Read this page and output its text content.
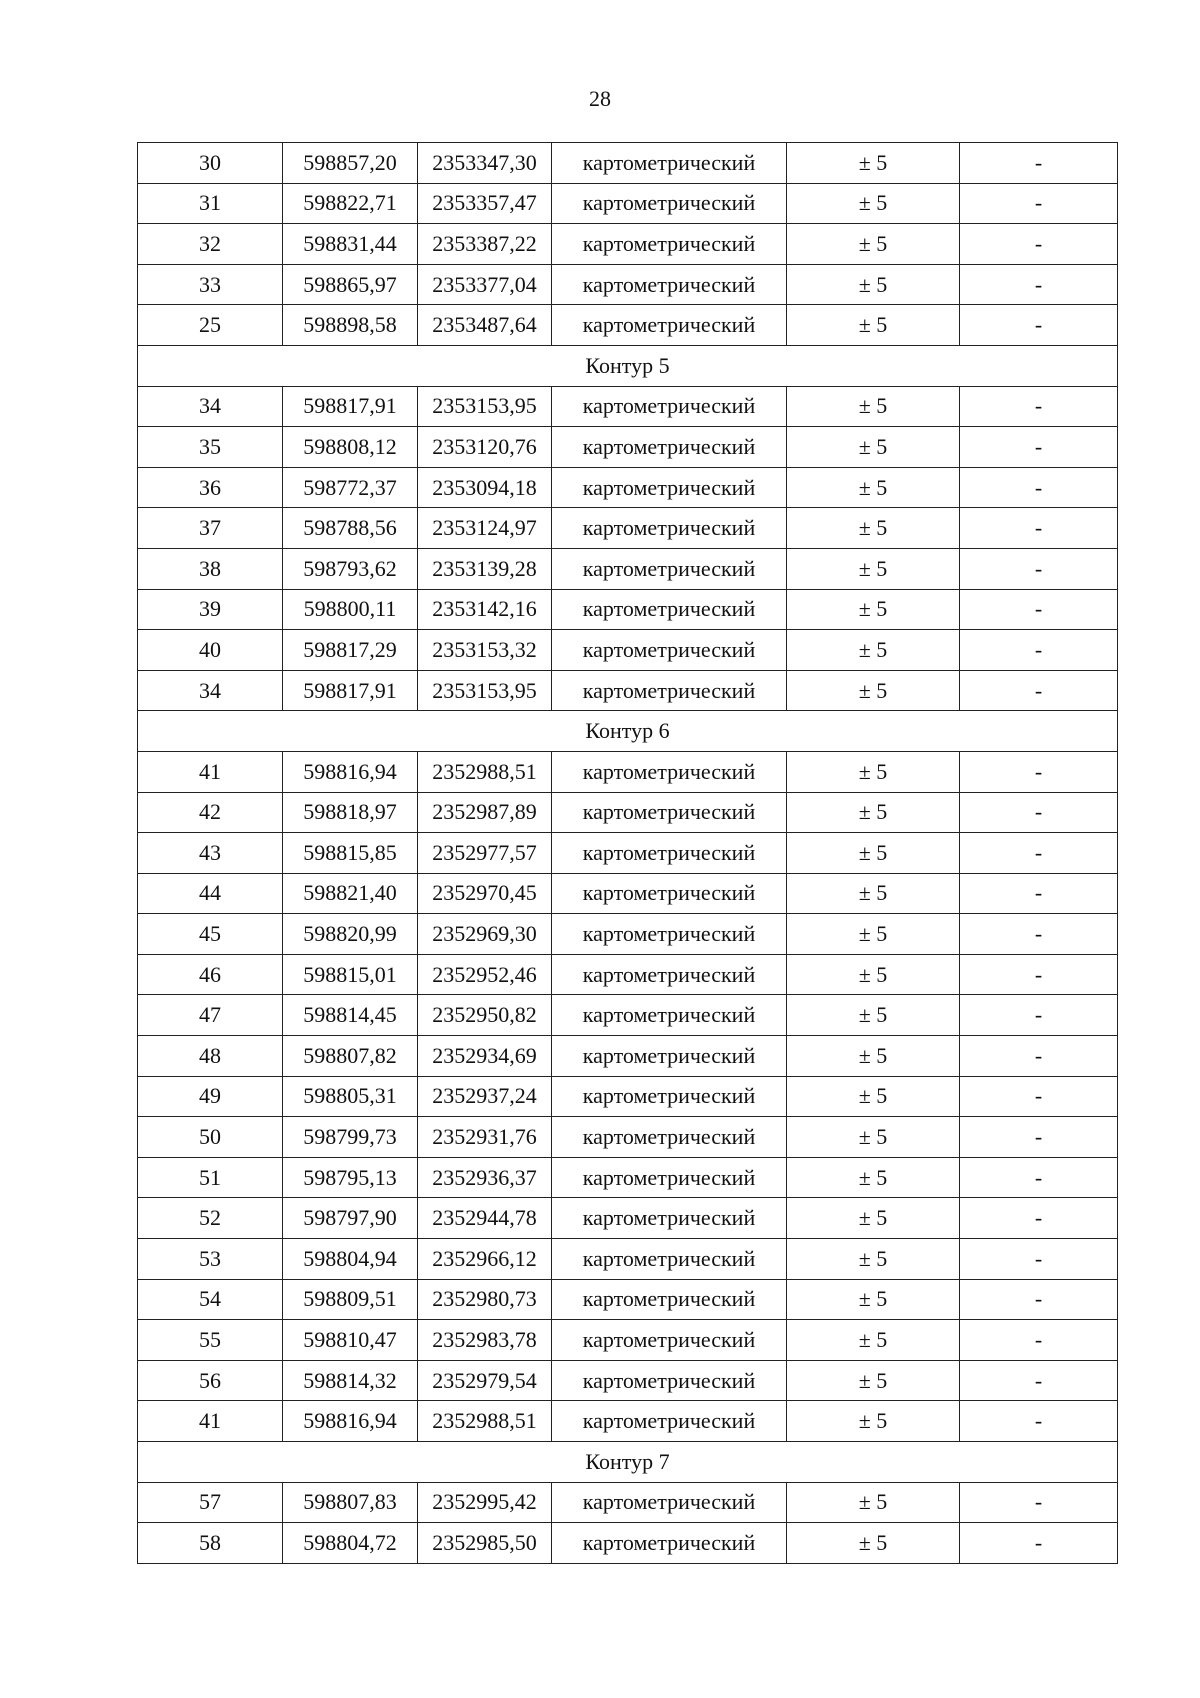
28
30	598857,20	2353347,30	картометрический	± 5	-
31	598822,71	2353357,47	картометрический	± 5	-
32	598831,44	2353387,22	картометрический	± 5	-
33	598865,97	2353377,04	картометрический	± 5	-
25	598898,58	2353487,64	картометрический	± 5	-
Контур 5					
34	598817,91	2353153,95	картометрический	± 5	-
35	598808,12	2353120,76	картометрический	± 5	-
36	598772,37	2353094,18	картометрический	± 5	-
37	598788,56	2353124,97	картометрический	± 5	-
38	598793,62	2353139,28	картометрический	± 5	-
39	598800,11	2353142,16	картометрический	± 5	-
40	598817,29	2353153,32	картометрический	± 5	-
34	598817,91	2353153,95	картометрический	± 5	-
Контур 6					
41	598816,94	2352988,51	картометрический	± 5	-
42	598818,97	2352987,89	картометрический	± 5	-
43	598815,85	2352977,57	картометрический	± 5	-
44	598821,40	2352970,45	картометрический	± 5	-
45	598820,99	2352969,30	картометрический	± 5	-
46	598815,01	2352952,46	картометрический	± 5	-
47	598814,45	2352950,82	картометрический	± 5	-
48	598807,82	2352934,69	картометрический	± 5	-
49	598805,31	2352937,24	картометрический	± 5	-
50	598799,73	2352931,76	картометрический	± 5	-
51	598795,13	2352936,37	картометрический	± 5	-
52	598797,90	2352944,78	картометрический	± 5	-
53	598804,94	2352966,12	картометрический	± 5	-
54	598809,51	2352980,73	картометрический	± 5	-
55	598810,47	2352983,78	картометрический	± 5	-
56	598814,32	2352979,54	картометрический	± 5	-
41	598816,94	2352988,51	картометрический	± 5	-
Контур 7					
57	598807,83	2352995,42	картометрический	± 5	-
58	598804,72	2352985,50	картометрический	± 5	-
